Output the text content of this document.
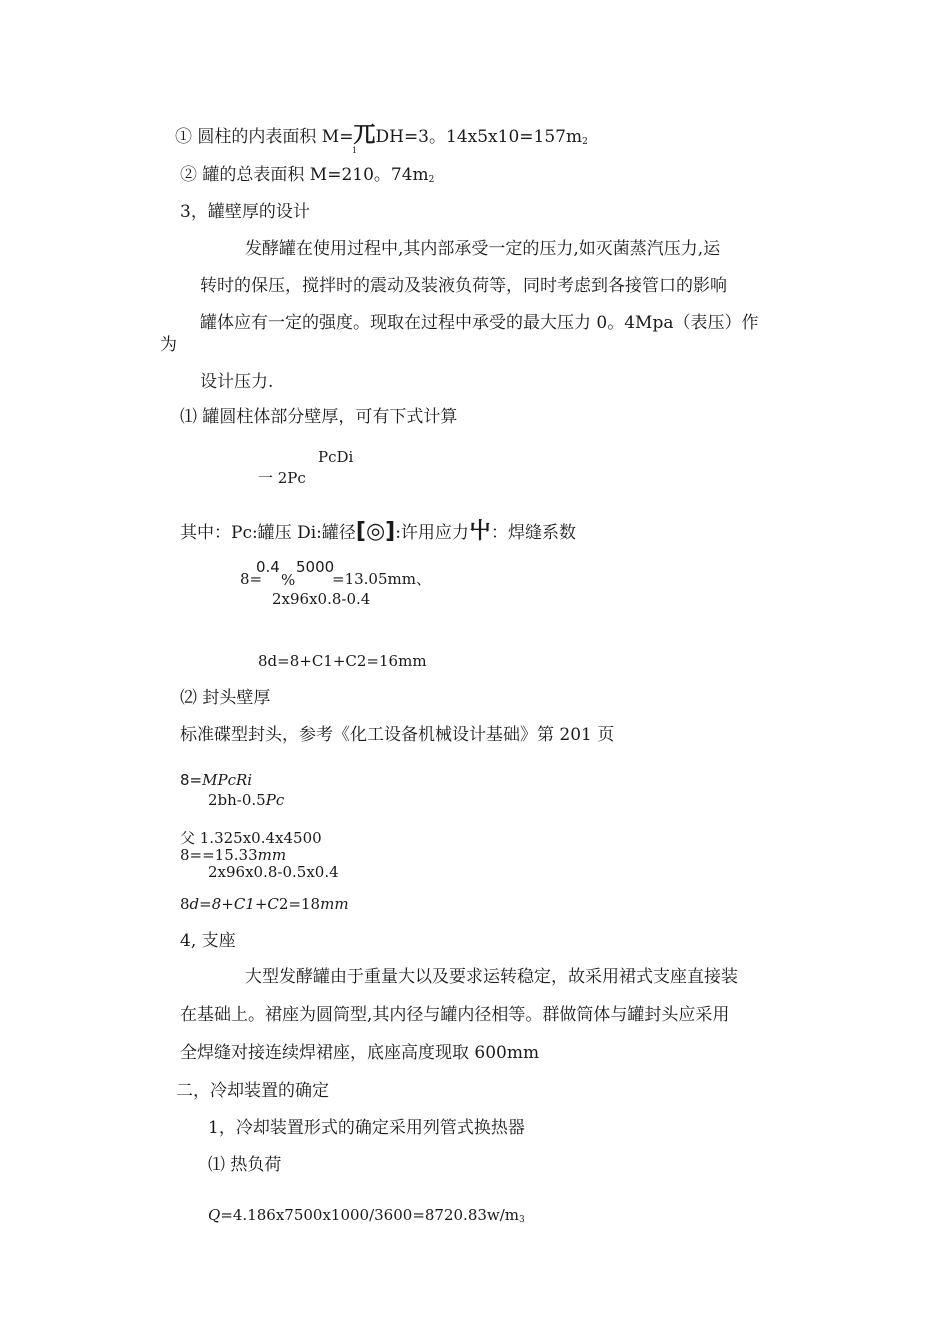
① 圆柱的内表面积 M=兀DH=3。$14x5x10=157m_2$
1
② 罐的总表面积 M=210。$74m_2$
3，罐壁厚的设计
发酵罐在使用过程中,其内部承受一定的压力,如灭菌蒸汽压力,运
转时的保压，搅拌时的震动及装液负荷等，同时考虑到各接管口的影响
罐体应有一定的强度。现取在过程中承受的最大压力 0。4Mpa（表压）作
为
设计压力.
⑴ 罐圆柱体部分壁厚，可有下式计算
PcDi
一 2Pc
其中：Pc:罐压 Di:罐径[◎]:许用应力屮：焊缝系数
8=
0.4
%
5000
=13.05mm、
2x96x0.8-0.4
8d=8+C1+C2=16mm
⑵ 封头壁厚
标准碟型封头，参考《化工设备机械设计基础》第 201 页
8=MPcRi
2bh-0.5Pc
父 1.325x0.4x4500
8==15.33mm
2x96x0.8-0.5x0.4
8d=8+C1+C2=18mm
4, 支座
大型发酵罐由于重量大以及要求运转稳定，故采用裙式支座直接装
在基础上。裙座为圆筒型,其内径与罐内径相等。群做筒体与罐封头应采用
全焊缝对接连续焊裙座，底座高度现取 600mm
二，冷却装置的确定
1，冷却装置形式的确定采用列管式换热器
⑴ 热负荷
$Q=4.186x7500x1000/3600=8720.83w/m_3$
